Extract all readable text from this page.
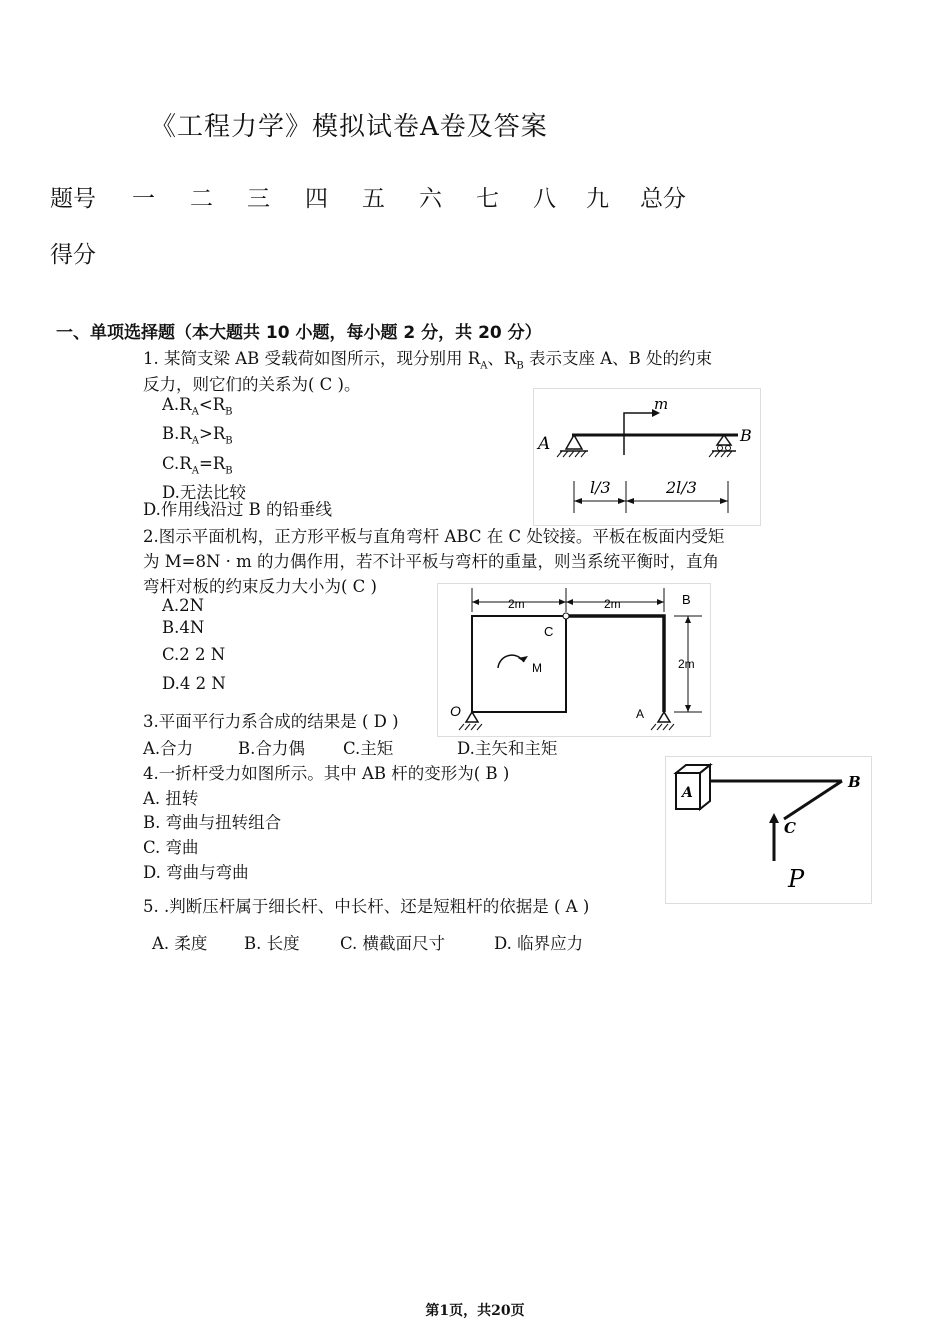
《工程力学》模拟试卷A卷及答案
题号	一	二	三	四	五	六	七	八	九	总分
得分
一、单项选择题（本大题共 10 小题，每小题 2 分，共 20 分）
1. 某简支梁 AB 受载荷如图所示，现分别用 $R_A$、$R_B$ 表示支座 A、B 处的约束
反力，则它们的关系为( C )。
$A.R_A<R_B$
$B.R_A>R_B$
$C.R_A=R_B$
D.无法比较
D.作用线沿过 B 的铅垂线
m
A	B
l/3	2l/3
2.图示平面机构，正方形平板与直角弯杆 ABC 在 C 处铰接。平板在板面内受矩
为 M=8N · m 的力偶作用，若不计平板与弯杆的重量，则当系统平衡时，直角
弯杆对板的约束反力大小为( C )
A.2N
B.4N
C.2 2 N
D.4 2 N
2m	2m
C
B
2m
M
O	A
3.平面平行力系合成的结果是 ( D )
A.合力	B.合力偶 C.主矩	D.主矢和主矩
4.一折杆受力如图所示。其中 AB 杆的变形为( B )
A. 扭转
B. 弯曲与扭转组合
C. 弯曲
D. 弯曲与弯曲
A
B
C
P
5. .判断压杆属于细长杆、中长杆、还是短粗杆的依据是 ( A )
A. 柔度 B. 长度 C. 横截面尺寸	D. 临界应力
第1页，共20页
